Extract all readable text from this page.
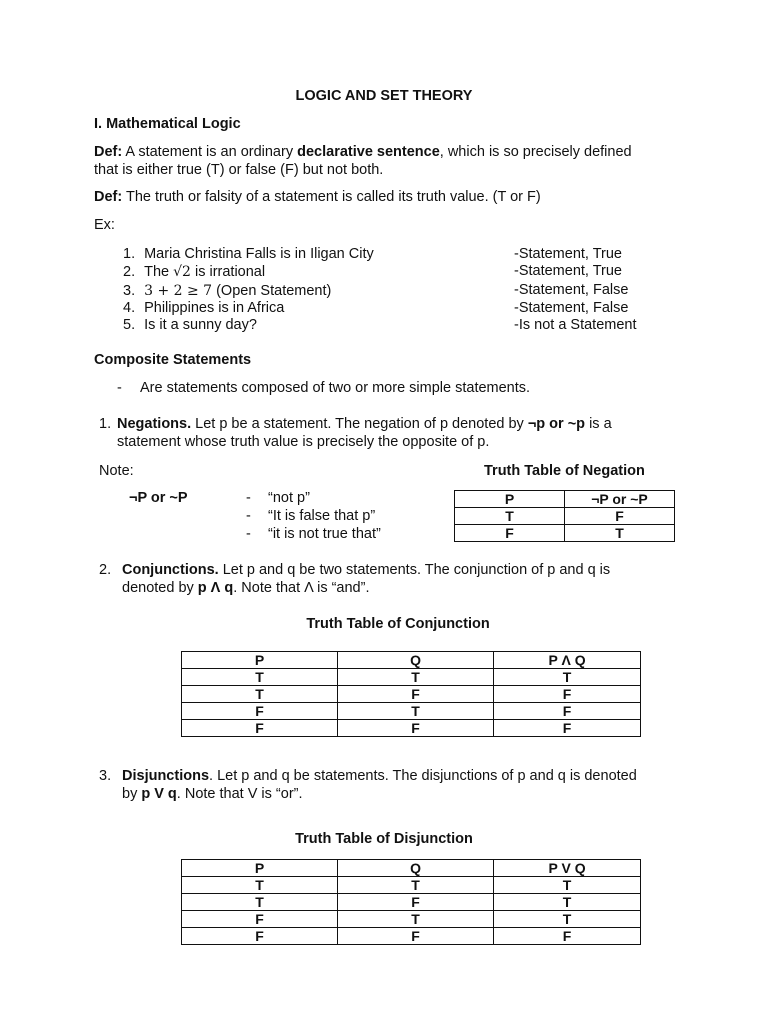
LOGIC AND SET THEORY
I. Mathematical Logic
Def: A statement is an ordinary declarative sentence, which is so precisely defined
that is either true (T) or false (F) but not both.
Def: The truth or falsity of a statement is called its truth value. (T or F)
Ex:
1. Maria Christina Falls is in Iligan City	-Statement, True
2. The √2 is irrational	-Statement, True
3. 3 + 2 ≥ 7 (Open Statement)	-Statement, False
4. Philippines is in Africa	-Statement, False
5. Is it a sunny day?	-Is not a Statement
Composite Statements
- Are statements composed of two or more simple statements.
1. Negations. Let p be a statement. The negation of p denoted by ¬p or ~p is a
statement whose truth value is precisely the opposite of p.
Note:	Truth Table of Negation
¬P or ~P	- “not p”
- “It is false that p”
- “it is not true that”
P	¬P or ~P
T	F
F	T
2. Conjunctions. Let p and q be two statements. The conjunction of p and q is
denoted by p Λ q. Note that Λ is “and”.
Truth Table of Conjunction
P	Q	P Λ Q
T	T	T
T	F	F
F	T	F
F	F	F
3. Disjunctions. Let p and q be statements. The disjunctions of p and q is denoted
by p V q. Note that V is “or”.
Truth Table of Disjunction
P	Q	P V Q
T	T	T
T	F	T
F	T	T
F	F	F
